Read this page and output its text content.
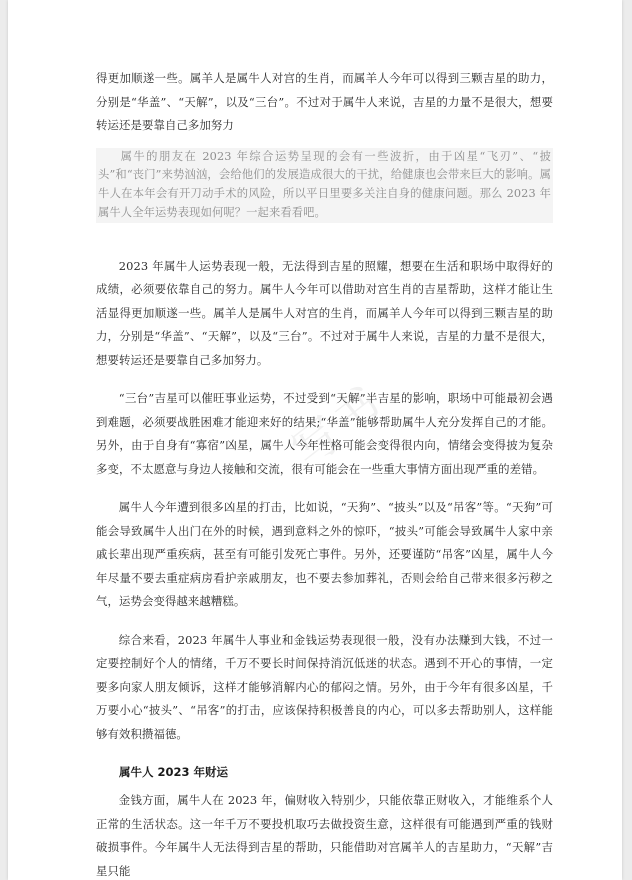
得更加顺遂一些。属羊人是属牛人对宫的生肖，而属羊人今年可以得到三颗吉星的助力，分别是“华盖”、“天解”，以及“三台”。不过对于属牛人来说，吉星的力量不是很大，想要转运还是要靠自己多加努力

属牛的朋友在 2023 年综合运势呈现的会有一些波折，由于凶星“飞刃”、“披头”和“丧门”来势汹汹，会给他们的发展造成很大的干扰，给健康也会带来巨大的影响。属牛人在本年会有开刀动手术的风险，所以平日里要多关注自身的健康问题。那么 2023 年属牛人全年运势表现如何呢？一起来看看吧。

2023 年属牛人运势表现一般，无法得到吉星的照耀，想要在生活和职场中取得好的成绩，必须要依靠自己的努力。属牛人今年可以借助对宫生肖的吉星帮助，这样才能让生活显得更加顺遂一些。属羊人是属牛人对宫的生肖，而属羊人今年可以得到三颗吉星的助力，分别是“华盖”、“天解”，以及“三台”。不过对于属牛人来说，吉星的力量不是很大，想要转运还是要靠自己多加努力。

“三台”吉星可以催旺事业运势，不过受到“天解”半吉星的影响，职场中可能最初会遇到难题，必须要战胜困难才能迎来好的结果;“华盖”能够帮助属牛人充分发挥自己的才能。另外，由于自身有“寡宿”凶星，属牛人今年性格可能会变得很内向，情绪会变得披为复杂多变，不太愿意与身边人接触和交流，很有可能会在一些重大事情方面出现严重的差错。

属牛人今年遭到很多凶星的打击，比如说，“天狗”、“披头”以及“吊客”等。“天狗”可能会导致属牛人出门在外的时候，遇到意料之外的惊吓，“披头”可能会导致属牛人家中亲戚长辈出现严重疾病，甚至有可能引发死亡事件。另外，还要谨防“吊客”凶星，属牛人今年尽量不要去重症病房看护亲戚朋友，也不要去参加葬礼，否则会给自己带来很多污秽之气，运势会变得越来越糟糕。

综合来看，2023 年属牛人事业和金钱运势表现很一般，没有办法赚到大钱，不过一定要控制好个人的情绪，千万不要长时间保持消沉低迷的状态。遇到不开心的事情，一定要多向家人朋友倾诉，这样才能够消解内心的郁闷之情。另外，由于今年有很多凶星，千万要小心“披头”、“吊客”的打击，应该保持积极善良的内心，可以多去帮助别人，这样能够有效积攒福德。

属牛人 2023 年财运

金钱方面，属牛人在 2023 年，偏财收入特别少，只能依靠正财收入，才能维系个人正常的生活状态。这一年千万不要投机取巧去做投资生意，这样很有可能遇到严重的钱财破损事件。今年属牛人无法得到吉星的帮助，只能借助对宫属羊人的吉星助力，“天解”吉星只能

写书
